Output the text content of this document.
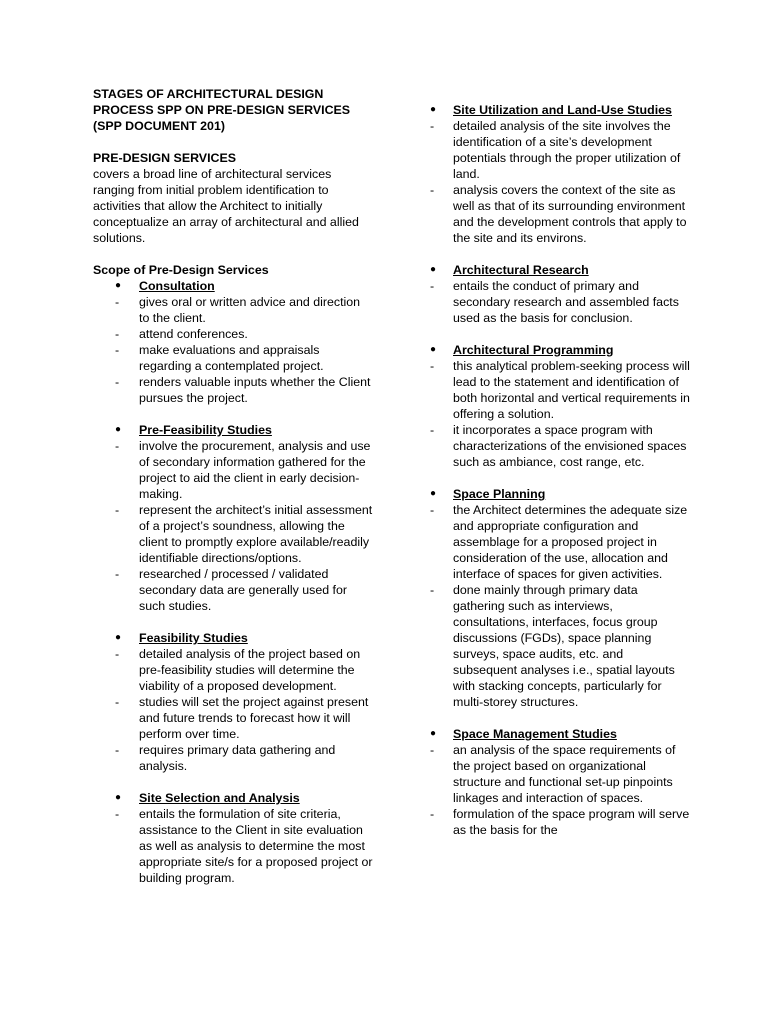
STAGES OF ARCHITECTURAL DESIGN PROCESS SPP ON PRE-DESIGN SERVICES (SPP DOCUMENT 201)
PRE-DESIGN SERVICES

covers a broad line of architectural services ranging from initial problem identification to activities that allow the Architect to initially conceptualize an array of architectural and allied solutions.

Scope of Pre-Design Services
● Consultation
- gives oral or written advice and direction to the client.
- attend conferences.
- make evaluations and appraisals regarding a contemplated project.
- renders valuable inputs whether the Client pursues the project.
● Pre-Feasibility Studies
- involve the procurement, analysis and use of secondary information gathered for the project to aid the client in early decision-making.
- represent the architect’s initial assessment of a project’s soundness, allowing the client to promptly explore available/readily identifiable directions/options.
- researched / processed / validated secondary data are generally used for such studies.
● Feasibility Studies
- detailed analysis of the project based on pre-feasibility studies will determine the viability of a proposed development.
- studies will set the project against present and future trends to forecast how it will perform over time.
- requires primary data gathering and analysis.
● Site Selection and Analysis
- entails the formulation of site criteria, assistance to the Client in site evaluation as well as analysis to determine the most appropriate site/s for a proposed project or building program.
● Site Utilization and Land-Use Studies
- detailed analysis of the site involves the identification of a site’s development potentials through the proper utilization of land.
- analysis covers the context of the site as well as that of its surrounding environment and the development controls that apply to the site and its environs.
● Architectural Research
- entails the conduct of primary and secondary research and assembled facts used as the basis for conclusion.
● Architectural Programming
- this analytical problem-seeking process will lead to the statement and identification of both horizontal and vertical requirements in offering a solution.
- it incorporates a space program with characterizations of the envisioned spaces such as ambiance, cost range, etc.
● Space Planning
- the Architect determines the adequate size and appropriate configuration and assemblage for a proposed project in consideration of the use, allocation and interface of spaces for given activities.
- done mainly through primary data gathering such as interviews, consultations, interfaces, focus group discussions (FGDs), space planning surveys, space audits, etc. and subsequent analyses i.e., spatial layouts with stacking concepts, particularly for multi-storey structures.
● Space Management Studies
- an analysis of the space requirements of the project based on organizational structure and functional set-up pinpoints linkages and interaction of spaces.
- formulation of the space program will serve as the basis for the
